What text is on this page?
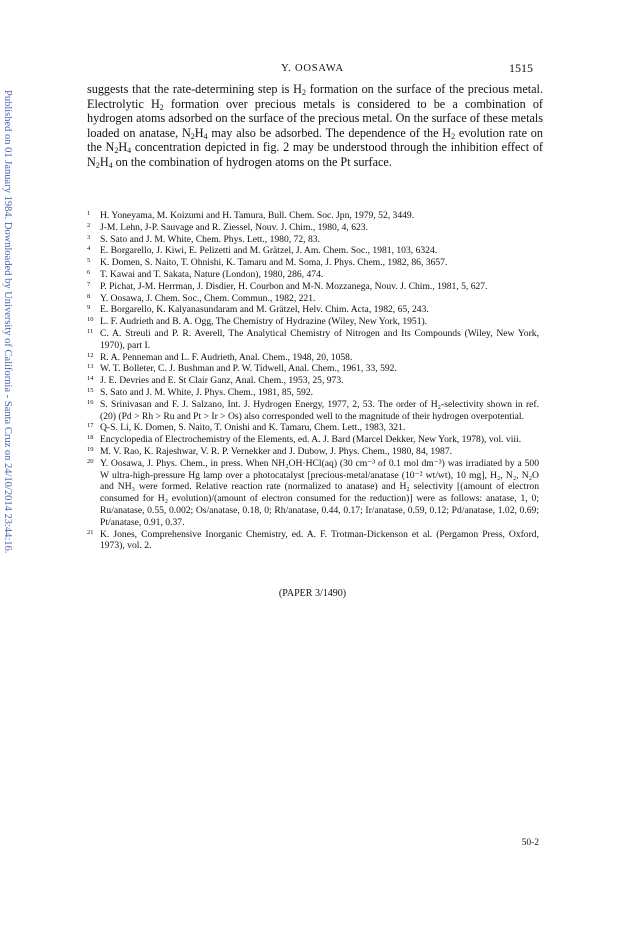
Y. OOSAWA	1515
Published on 01 January 1984. Downloaded by University of California - Santa Cruz on 24/10/2014 23:44:16.

suggests that the rate-determining step is $H_2$ formation on the surface of the precious metal. Electrolytic $H_2$ formation over precious metals is considered to be a combination of hydrogen atoms adsorbed on the surface of the precious metal. On the surface of these metals loaded on anatase, $N_2H_4$ may also be adsorbed. The dependence of the $H_2$ evolution rate on the $N_2H_4$ concentration depicted in fig. 2 may be understood through the inhibition effect of $N_2H_4$ on the combination of hydrogen atoms on the Pt surface.

1	H. Yoneyama, M. Koizumi and H. Tamura, Bull. Chem. Soc. Jpn, 1979, 52, 3449.
2	J-M. Lehn, J-P. Sauvage and R. Ziessel, Nouv. J. Chim., 1980, 4, 623.
3	S. Sato and J. M. White, Chem. Phys. Lett., 1980, 72, 83.
4	E. Borgarello, J. Kiwi, E. Pelizetti and M. Grätzel, J. Am. Chem. Soc., 1981, 103, 6324.
5	K. Domen, S. Naito, T. Ohnishi, K. Tamaru and M. Soma, J. Phys. Chem., 1982, 86, 3657.
6	T. Kawai and T. Sakata, Nature (London), 1980, 286, 474.
7	P. Pichat, J-M. Herrman, J. Disdier, H. Courbon and M-N. Mozzanega, Nouv. J. Chim., 1981, 5, 627.
8	Y. Oosawa, J. Chem. Soc., Chem. Commun., 1982, 221.
9	E. Borgarello, K. Kalyanasundaram and M. Grätzel, Helv. Chim. Acta, 1982, 65, 243.
10 L. F. Audrieth and B. A. Ogg, The Chemistry of Hydrazine (Wiley, New York, 1951).
11 C. A. Streuli and P. R. Averell, The Analytical Chemistry of Nitrogen and Its Compounds (Wiley, New York, 1970), part I.
12 R. A. Penneman and L. F. Audrieth, Anal. Chem., 1948, 20, 1058.
13 W. T. Bolleter, C. J. Bushman and P. W. Tidwell, Anal. Chem., 1961, 33, 592.
14 J. E. Devries and E. St Clair Ganz, Anal. Chem., 1953, 25, 973.
15 S. Sato and J. M. White, J. Phys. Chem., 1981, 85, 592.
16 S. Srinivasan and F. J. Salzano, Int. J. Hydrogen Energy, 1977, 2, 53. The order of H₂-selectivity shown in ref. (20) (Pd > Rh > Ru and Pt > Ir > Os) also corresponded well to the magnitude of their hydrogen overpotential.
17 Q-S. Li, K. Domen, S. Naito, T. Onishi and K. Tamaru, Chem. Lett., 1983, 321.
18 Encyclopedia of Electrochemistry of the Elements, ed. A. J. Bard (Marcel Dekker, New York, 1978), vol. viii.
19 M. V. Rao, K. Rajeshwar, V. R. P. Vernekker and J. Dubow, J. Phys. Chem., 1980, 84, 1987.
20 Y. Oosawa, J. Phys. Chem., in press. When NH₂OH·HCl(aq) (30 cm⁻³ of 0.1 mol dm⁻³) was irradiated by a 500 W ultra-high-pressure Hg lamp over a photocatalyst [precious-metal/anatase (10⁻² wt/wt), 10 mg], H₂, N₂, N₂O and NH₃ were formed. Relative reaction rate (normalized to anatase) and H₂ selectivity [(amount of electron consumed for H₂ evolution)/(amount of electron consumed for the reduction)] were as follows: anatase, 1, 0; Ru/anatase, 0.55, 0.002; Os/anatase, 0.18, 0; Rh/anatase, 0.44, 0.17; Ir/anatase, 0.59, 0.12; Pd/anatase, 1.02, 0.69; Pt/anatase, 0.91, 0.37.
21 K. Jones, Comprehensive Inorganic Chemistry, ed. A. F. Trotman-Dickenson et al. (Pergamon Press, Oxford, 1973), vol. 2.
(PAPER 3/1490)
50-2
